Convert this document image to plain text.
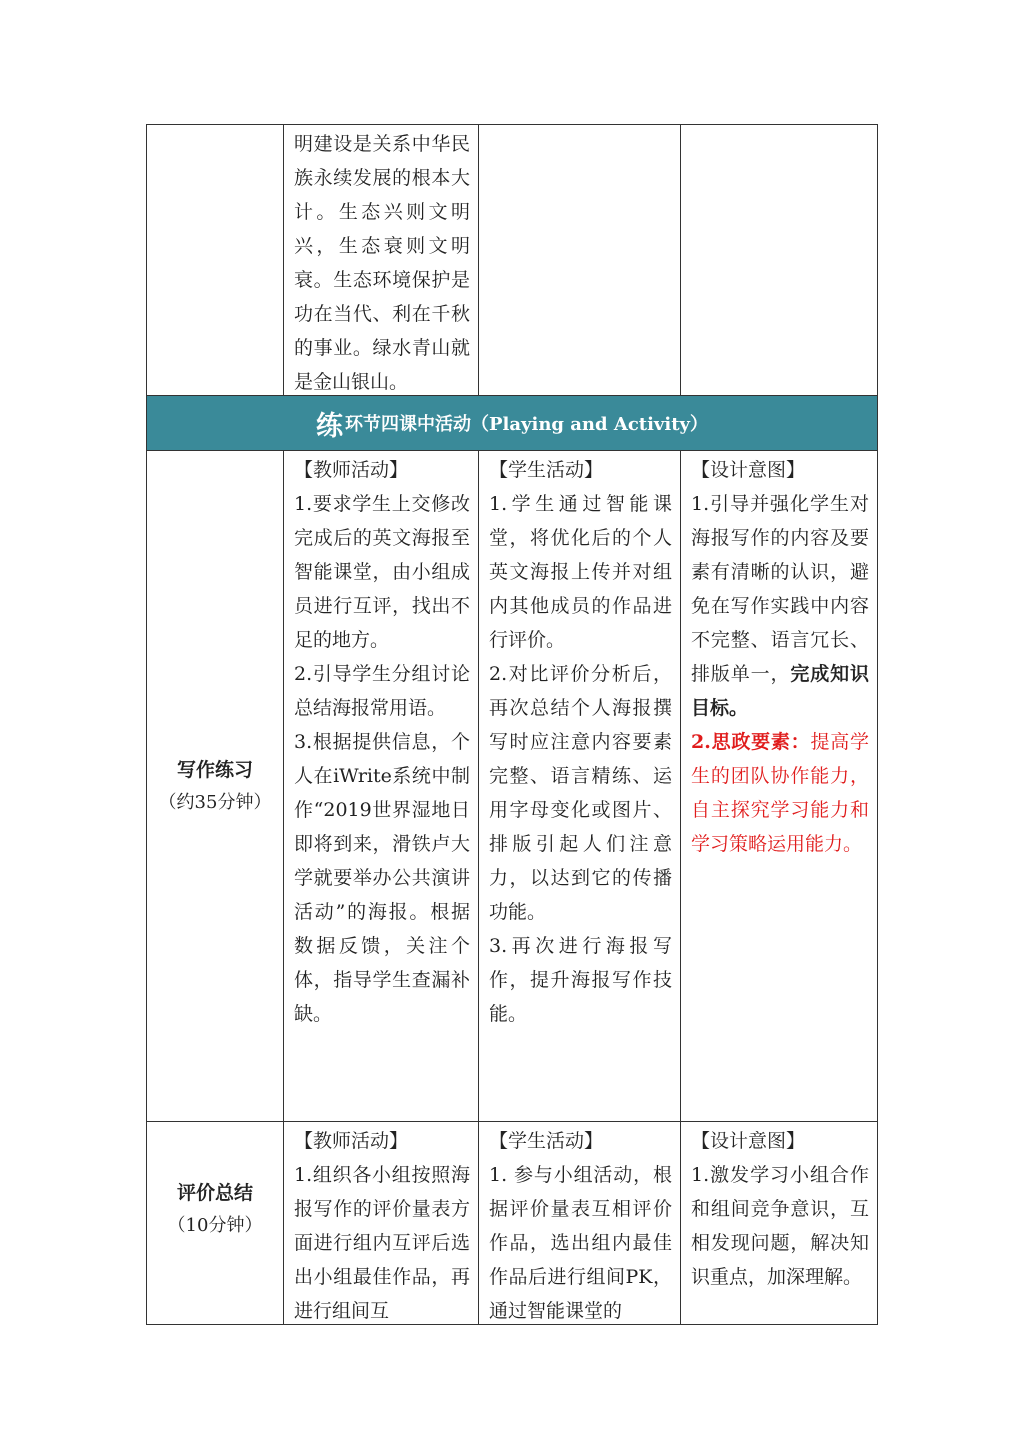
明建设是关系中华民族永续发展的根本大计。生态兴则文明兴，生态衰则文明衰。生态环境保护是功在当代、利在千秋的事业。绿水青山就是金山银山。
练 环节四课中活动（Playing and Activity）
写作练习
（约35分钟）

【教师活动】

1.要求学生上交修改完成后的英文海报至智能课堂，由小组成员进行互评，找出不足的地方。

2.引导学生分组讨论总结海报常用语。

3.根据提供信息，个人在iWrite系统中制作“2019世界湿地日即将到来，滑铁卢大学就要举办公共演讲活动”的海报。根据数据反馈，关注个体，指导学生查漏补缺。

【学生活动】

1.学生通过智能课堂，将优化后的个人英文海报上传并对组内其他成员的作品进行评价。

2.对比评价分析后，再次总结个人海报撰写时应注意内容要素完整、语言精练、运用字母变化或图片、排版引起人们注意力，以达到它的传播功能。

3.再次进行海报写作，提升海报写作技能。

【设计意图】

1.引导并强化学生对海报写作的内容及要素有清晰的认识，避免在写作实践中内容不完整、语言冗长、排版单一，完成知识目标。

2.思政要素：提高学生的团队协作能力，自主探究学习能力和学习策略运用能力。

评价总结
（10分钟）

【教师活动】

1.组织各小组按照海报写作的评价量表方面进行组内互评后选出小组最佳作品，再进行组间互

【学生活动】

1. 参与小组活动，根据评价量表互相评价作品，选出组内最佳作品后进行组间PK，通过智能课堂的

【设计意图】

1.激发学习小组合作和组间竞争意识，互相发现问题，解决知识重点，加深理解。
